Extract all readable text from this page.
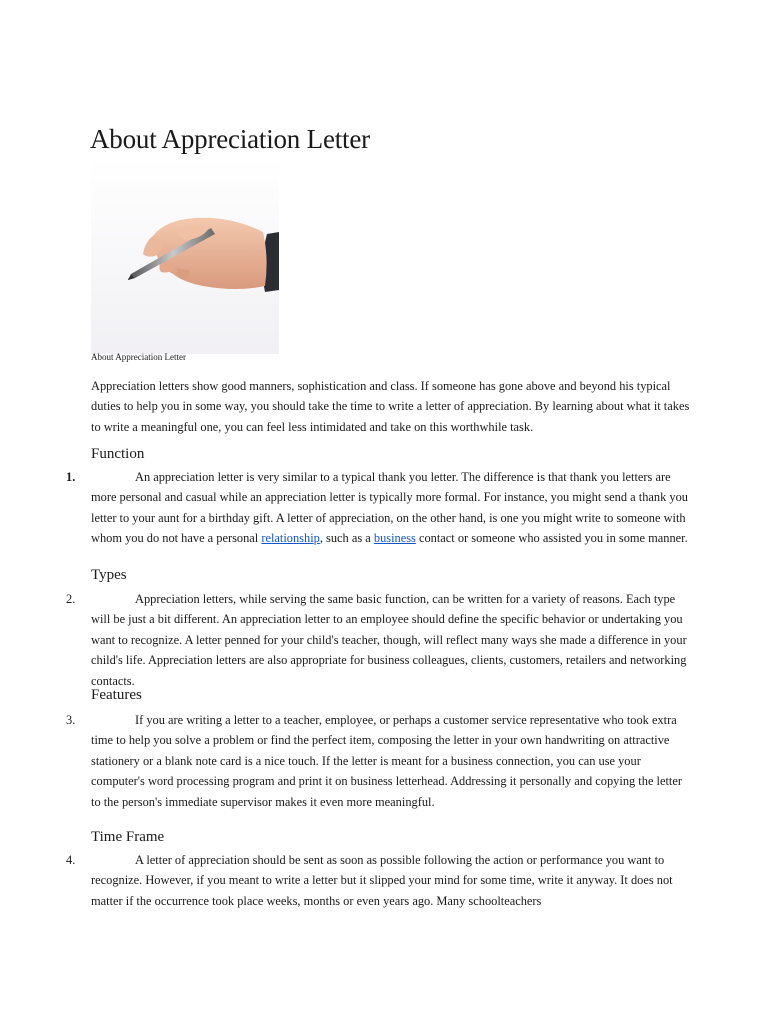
About Appreciation Letter
About Appreciation Letter

Appreciation letters show good manners, sophistication and class. If someone has gone above and beyond his typical duties to help you in some way, you should take the time to write a letter of appreciation. By learning about what it takes to write a meaningful one, you can feel less intimidated and take on this worthwhile task.

Function
1.	An appreciation letter is very similar to a typical thank you letter. The difference is that thank you letters are more personal and casual while an appreciation letter is typically more formal. For instance, you might send a thank you letter to your aunt for a birthday gift. A letter of appreciation, on the other hand, is one you might write to someone with whom you do not have a personal relationship, such as a business contact or someone who assisted you in some manner.

Types
2.	Appreciation letters, while serving the same basic function, can be written for a variety of reasons. Each type will be just a bit different. An appreciation letter to an employee should define the specific behavior or undertaking you want to recognize. A letter penned for your child's teacher, though, will reflect many ways she made a difference in your child's life. Appreciation letters are also appropriate for business colleagues, clients, customers, retailers and networking contacts.

Features
3.	If you are writing a letter to a teacher, employee, or perhaps a customer service representative who took extra time to help you solve a problem or find the perfect item, composing the letter in your own handwriting on attractive stationery or a blank note card is a nice touch. If the letter is meant for a business connection, you can use your computer's word processing program and print it on business letterhead. Addressing it personally and copying the letter to the person's immediate supervisor makes it even more meaningful.

Time Frame
4.	A letter of appreciation should be sent as soon as possible following the action or performance you want to recognize. However, if you meant to write a letter but it slipped your mind for some time, write it anyway. It does not matter if the occurrence took place weeks, months or even years ago. Many schoolteachers
